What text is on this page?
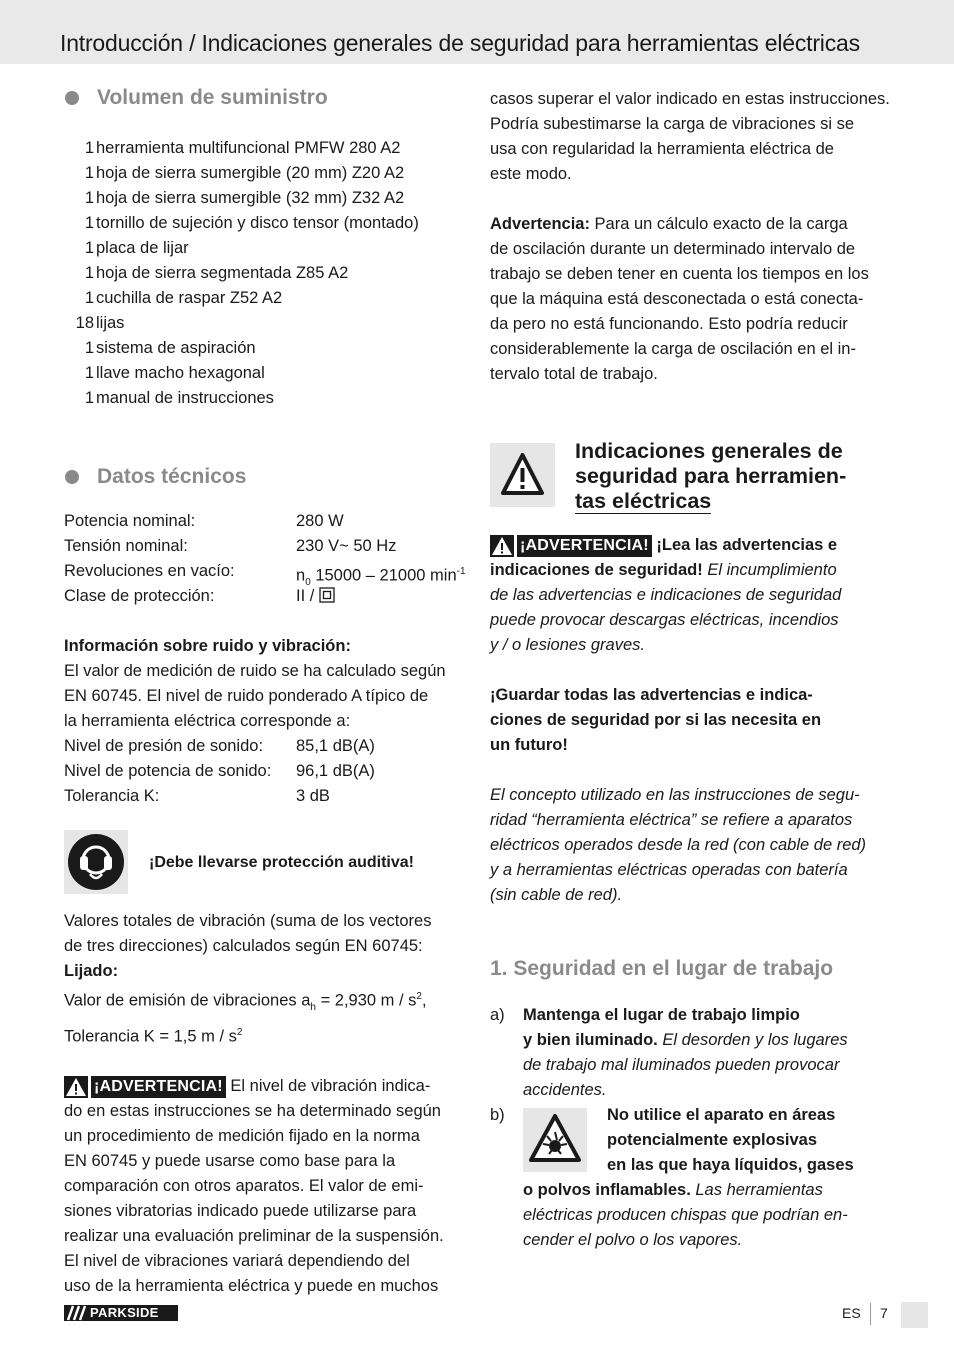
Introducción / Indicaciones generales de seguridad para herramientas eléctricas
Volumen de suministro
1 herramienta multifuncional PMFW 280 A2
1 hoja de sierra sumergible (20 mm) Z20 A2
1 hoja de sierra sumergible (32 mm) Z32 A2
1 tornillo de sujeción y disco tensor (montado)
1 placa de lijar
1 hoja de sierra segmentada Z85 A2
1 cuchilla de raspar Z52 A2
18 lijas
1 sistema de aspiración
1 llave macho hexagonal
1 manual de instrucciones
Datos técnicos
Potencia nominal:	280 W
Tensión nominal:	230 V~ 50 Hz
Revoluciones en vacío:	$n_0$ 15000 – 21000 $\min^{-1}$
Clase de protección:	II /
Información sobre ruido y vibración:
El valor de medición de ruido se ha calculado según
EN 60745. El nivel de ruido ponderado A típico de
la herramienta eléctrica corresponde a:
Nivel de presión de sonido: 85,1 dB(A)
Nivel de potencia de sonido: 96,1 dB(A)
Tolerancia K:	3 dB
¡Debe llevarse protección auditiva!
Valores totales de vibración (suma de los vectores
de tres direcciones) calculados según EN 60745:
Lijado:
Valor de emisión de vibraciones $a_h = 2,930$ m / $s^2$,
Tolerancia K = 1,5 m / $s^2$
¡ADVERTENCIA! El nivel de vibración indica-
do en estas instrucciones se ha determinado según
un procedimiento de medición fijado en la norma
EN 60745 y puede usarse como base para la
comparación con otros aparatos. El valor de emi-
siones vibratorias indicado puede utilizarse para
realizar una evaluación preliminar de la suspensión.
El nivel de vibraciones variará dependiendo del
uso de la herramienta eléctrica y puede en muchos
casos superar el valor indicado en estas instrucciones.
Podría subestimarse la carga de vibraciones si se
usa con regularidad la herramienta eléctrica de
este modo.
Advertencia: Para un cálculo exacto de la carga
de oscilación durante un determinado intervalo de
trabajo se deben tener en cuenta los tiempos en los
que la máquina está desconectada o está conecta-
da pero no está funcionando. Esto podría reducir
considerablemente la carga de oscilación en el in-
tervalo total de trabajo.
Indicaciones generales de
seguridad para herramien-
tas eléctricas
¡ADVERTENCIA! ¡Lea las advertencias e
indicaciones de seguridad! El incumplimiento
de las advertencias e indicaciones de seguridad
puede provocar descargas eléctricas, incendios
y / o lesiones graves.
¡Guardar todas las advertencias e indica-
ciones de seguridad por si las necesita en
un futuro!
El concepto utilizado en las instrucciones de segu-
ridad “herramienta eléctrica” se refiere a aparatos
eléctricos operados desde la red (con cable de red)
y a herramientas eléctricas operadas con batería
(sin cable de red).
1. Seguridad en el lugar de trabajo
a) Mantenga el lugar de trabajo limpio
y bien iluminado. El desorden y los lugares
de trabajo mal iluminados pueden provocar
accidentes.
b)	No utilice el aparato en áreas
potencialmente explosivas
en las que haya líquidos, gases
o polvos inflamables. Las herramientas
eléctricas producen chispas que podrían en-
cender el polvo o los vapores.
PARKSIDE	ES 7
